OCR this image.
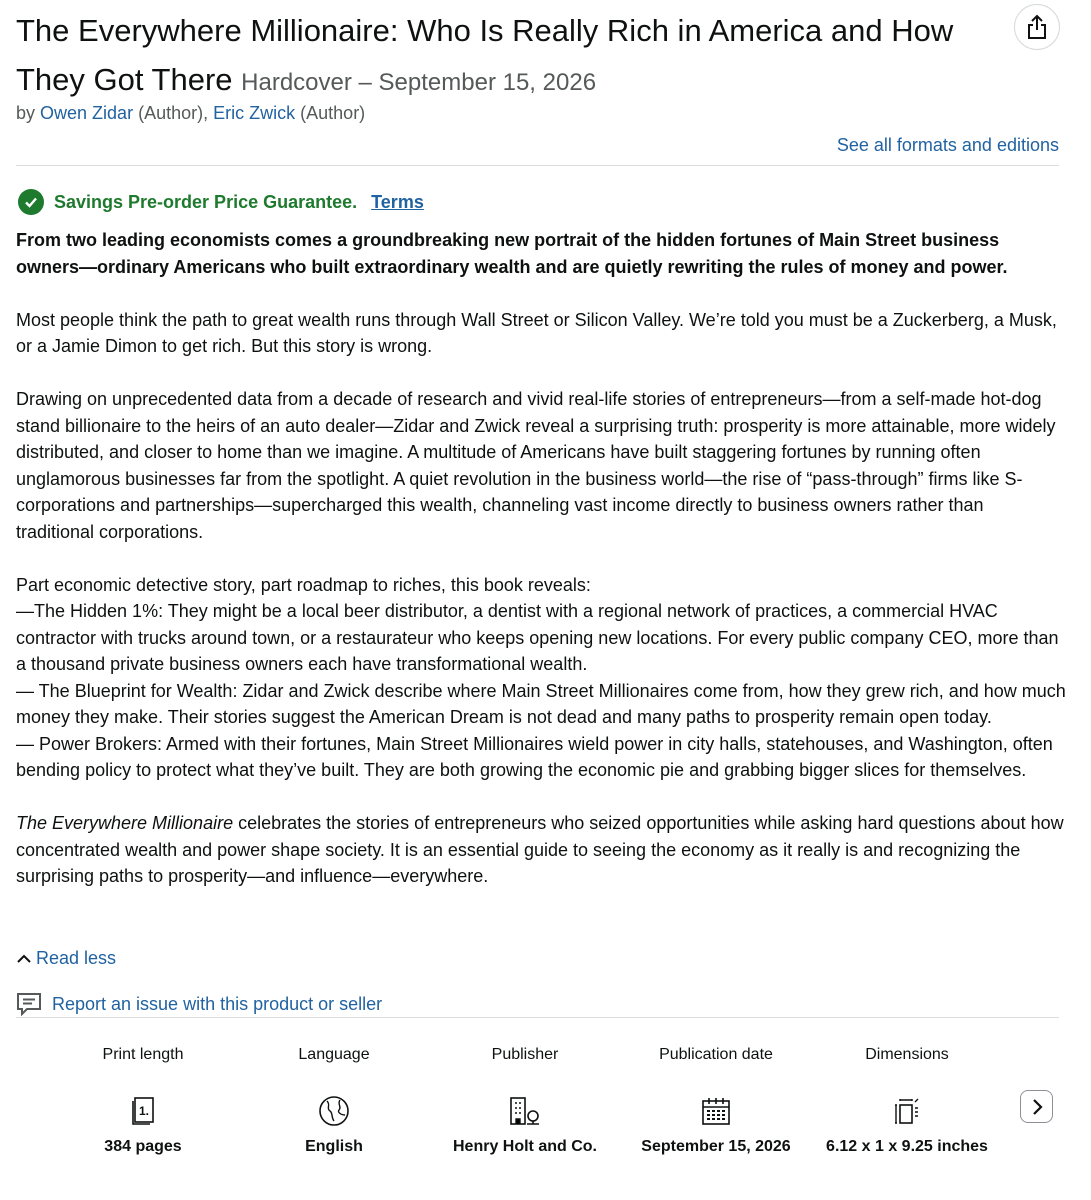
The Everywhere Millionaire: Who Is Really Rich in America and How They Got There Hardcover – September 15, 2026
by Owen Zidar (Author), Eric Zwick (Author)
See all formats and editions
Savings Pre-order Price Guarantee. Terms

From two leading economists comes a groundbreaking new portrait of the hidden fortunes of Main Street business owners—ordinary Americans who built extraordinary wealth and are quietly rewriting the rules of money and power.

Most people think the path to great wealth runs through Wall Street or Silicon Valley. We’re told you must be a Zuckerberg, a Musk, or a Jamie Dimon to get rich. But this story is wrong.

Drawing on unprecedented data from a decade of research and vivid real-life stories of entrepreneurs—from a self-made hot-dog stand billionaire to the heirs of an auto dealer—Zidar and Zwick reveal a surprising truth: prosperity is more attainable, more widely distributed, and closer to home than we imagine. A multitude of Americans have built staggering fortunes by running often unglamorous businesses far from the spotlight. A quiet revolution in the business world—the rise of “pass-through” firms like S-corporations and partnerships—supercharged this wealth, channeling vast income directly to business owners rather than traditional corporations.

Part economic detective story, part roadmap to riches, this book reveals:

—The Hidden 1%: They might be a local beer distributor, a dentist with a regional network of practices, a commercial HVAC contractor with trucks around town, or a restaurateur who keeps opening new locations. For every public company CEO, more than a thousand private business owners each have transformational wealth.

— The Blueprint for Wealth: Zidar and Zwick describe where Main Street Millionaires come from, how they grew rich, and how much money they make. Their stories suggest the American Dream is not dead and many paths to prosperity remain open today.

— Power Brokers: Armed with their fortunes, Main Street Millionaires wield power in city halls, statehouses, and Washington, often bending policy to protect what they’ve built. They are both growing the economic pie and grabbing bigger slices for themselves.

The Everywhere Millionaire celebrates the stories of entrepreneurs who seized opportunities while asking hard questions about how concentrated wealth and power shape society. It is an essential guide to seeing the economy as it really is and recognizing the surprising paths to prosperity—and influence—everywhere.

Read less
Report an issue with this product or seller
Print length
1.
384 pages
Language
English
Publisher
Henry Holt and Co.
Publication date
September 15, 2026
Dimensions
6.12 x 1 x 9.25 inches
